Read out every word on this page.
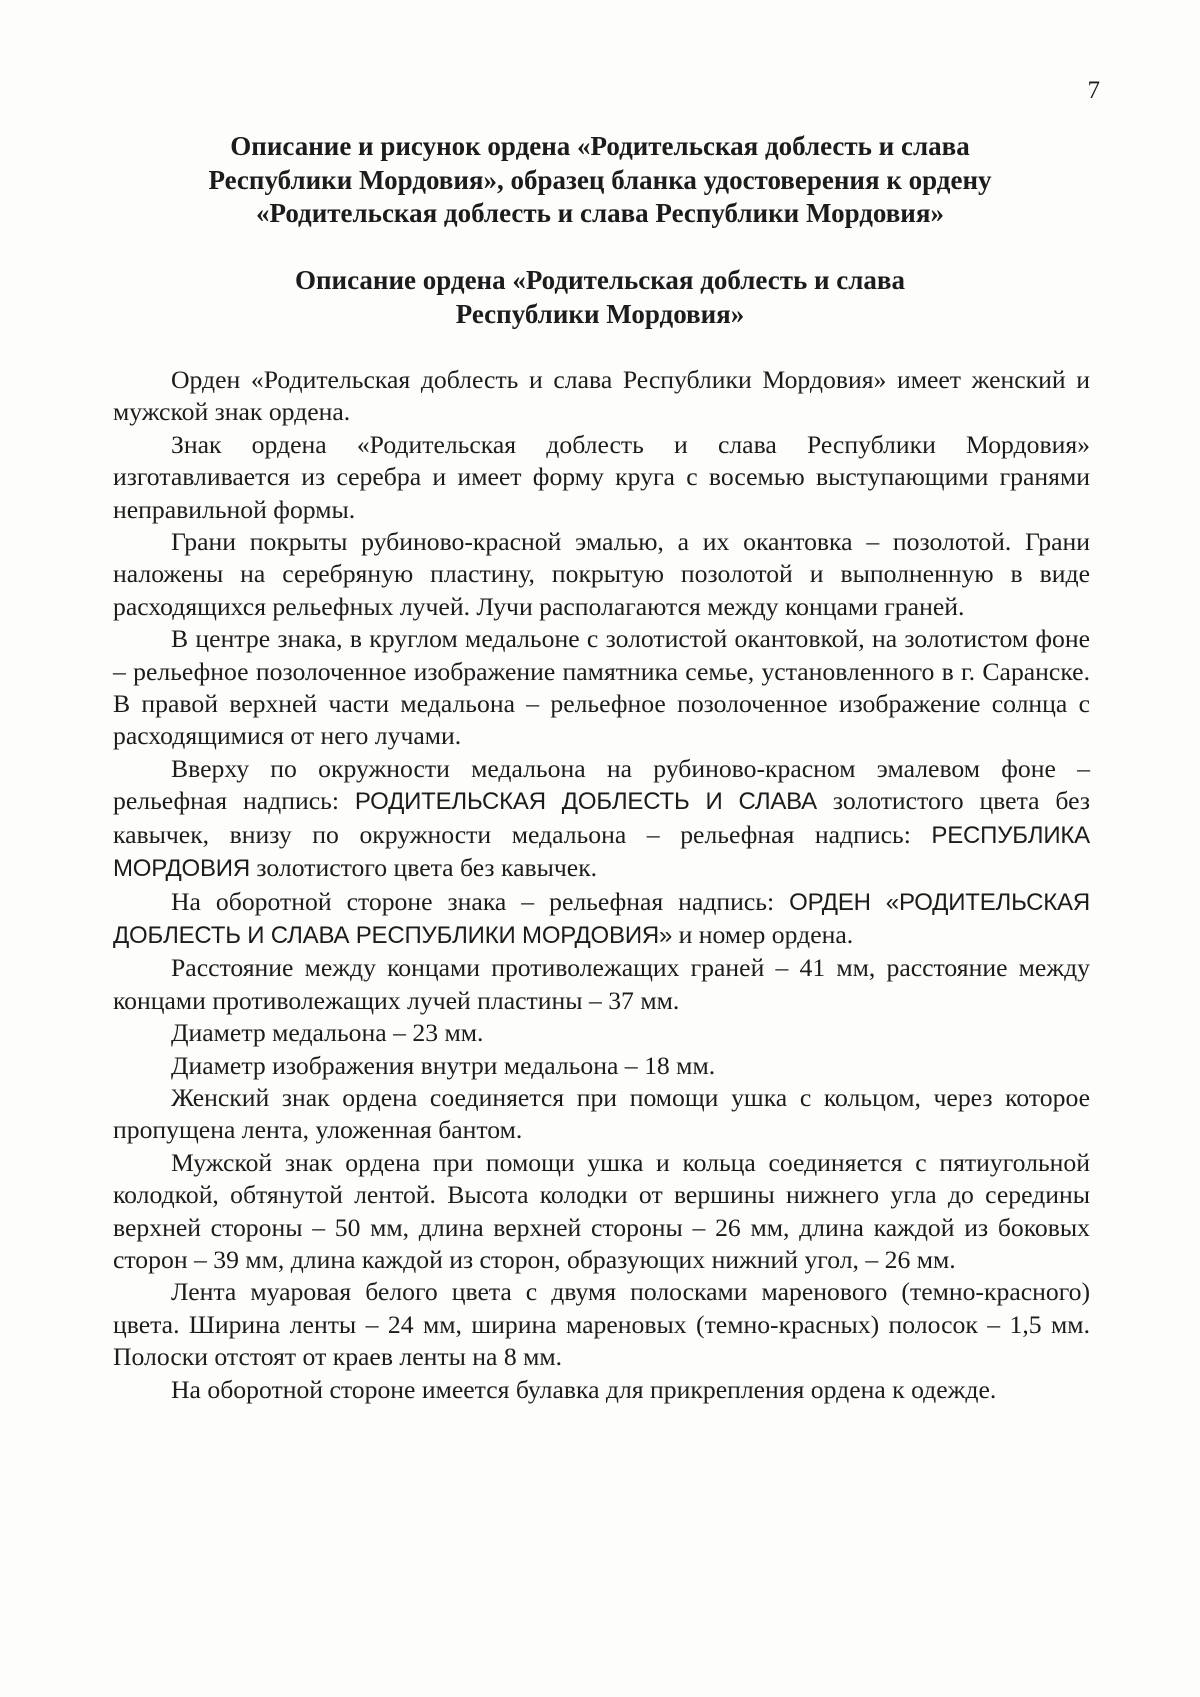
7
Описание и рисунок ордена «Родительская доблесть и слава
Республики Мордовия», образец бланка удостоверения к ордену
«Родительская доблесть и слава Республики Мордовия»
Описание ордена «Родительская доблесть и слава
Республики Мордовия»

Орден «Родительская доблесть и слава Республики Мордовия» имеет женский и мужской знак ордена.

Знак ордена «Родительская доблесть и слава Республики Мордовия» изготавливается из серебра и имеет форму круга с восемью выступающими гранями неправильной формы.

Грани покрыты рубиново-красной эмалью, а их окантовка – позолотой. Грани наложены на серебряную пластину, покрытую позолотой и выполненную в виде расходящихся рельефных лучей. Лучи располагаются между концами граней.

В центре знака, в круглом медальоне с золотистой окантовкой, на золотистом фоне – рельефное позолоченное изображение памятника семье, установленного в г. Саранске. В правой верхней части медальона – рельефное позолоченное изображение солнца с расходящимися от него лучами.

Вверху по окружности медальона на рубиново-красном эмалевом фоне – рельефная надпись: РОДИТЕЛЬСКАЯ ДОБЛЕСТЬ И СЛАВА золотистого цвета без кавычек, внизу по окружности медальона – рельефная надпись: РЕСПУБЛИКА МОРДОВИЯ золотистого цвета без кавычек.

На оборотной стороне знака – рельефная надпись: ОРДЕН «РОДИТЕЛЬСКАЯ ДОБЛЕСТЬ И СЛАВА РЕСПУБЛИКИ МОРДОВИЯ» и номер ордена.

Расстояние между концами противолежащих граней – 41 мм, расстояние между концами противолежащих лучей пластины – 37 мм.

Диаметр медальона – 23 мм.

Диаметр изображения внутри медальона – 18 мм.

Женский знак ордена соединяется при помощи ушка с кольцом, через которое пропущена лента, уложенная бантом.

Мужской знак ордена при помощи ушка и кольца соединяется с пятиугольной колодкой, обтянутой лентой. Высота колодки от вершины нижнего угла до середины верхней стороны – 50 мм, длина верхней стороны – 26 мм, длина каждой из боковых сторон – 39 мм, длина каждой из сторон, образующих нижний угол, – 26 мм.

Лента муаровая белого цвета с двумя полосками маренового (темно-красного) цвета. Ширина ленты – 24 мм, ширина мареновых (темно-красных) полосок – 1,5 мм. Полоски отстоят от краев ленты на 8 мм.

На оборотной стороне имеется булавка для прикрепления ордена к одежде.
